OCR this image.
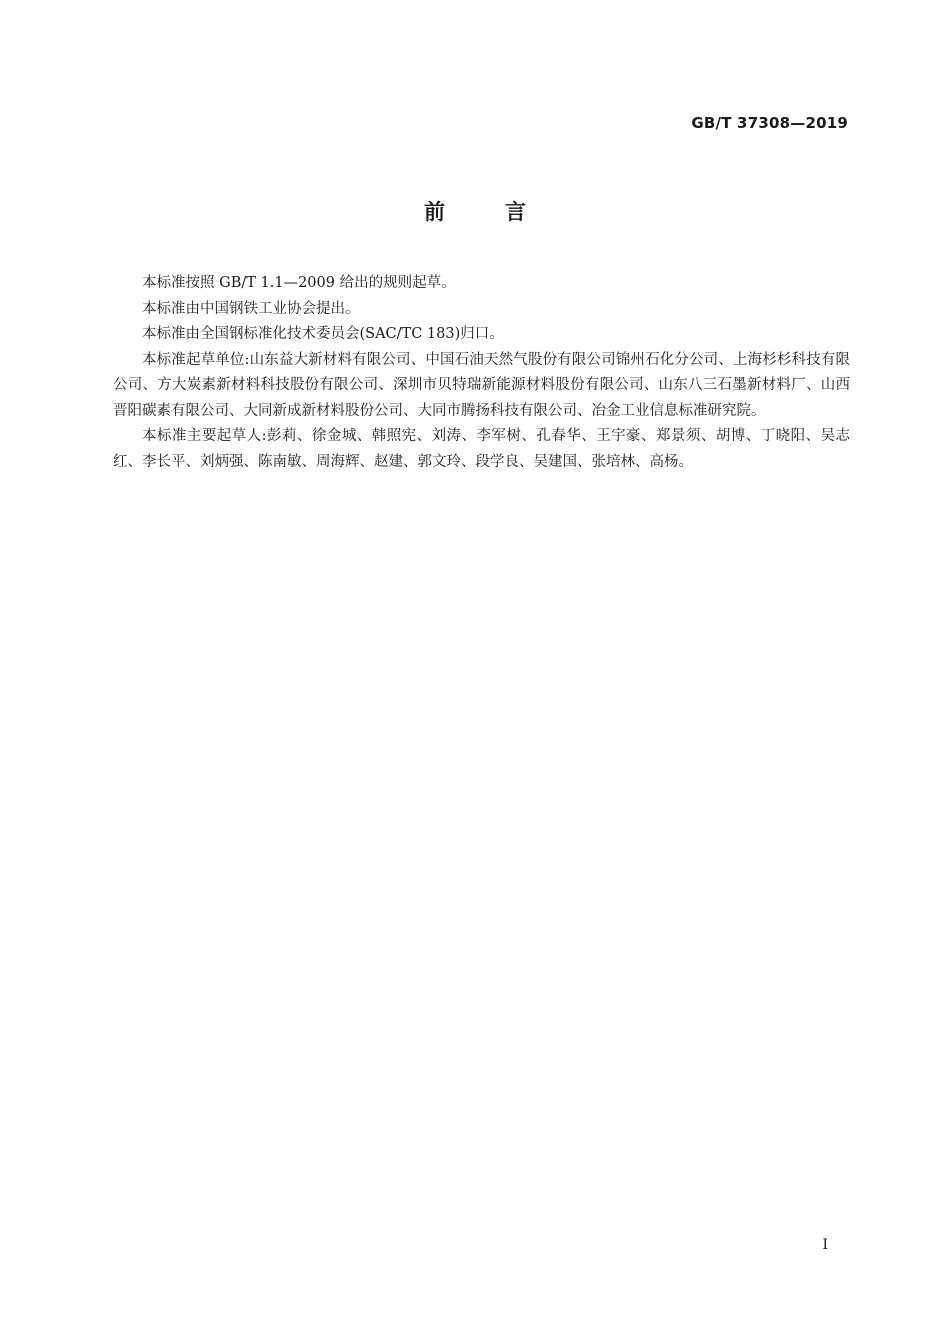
GB/T 37308—2019
前言

本标准按照 GB/T 1.1—2009 给出的规则起草。

本标准由中国钢铁工业协会提出。

本标准由全国钢标准化技术委员会(SAC/TC 183)归口。

本标准起草单位:山东益大新材料有限公司、中国石油天然气股份有限公司锦州石化分公司、上海杉杉科技有限公司、方大炭素新材料科技股份有限公司、深圳市贝特瑞新能源材料股份有限公司、山东八三石墨新材料厂、山西晋阳碳素有限公司、大同新成新材料股份公司、大同市腾扬科技有限公司、冶金工业信息标准研究院。

本标准主要起草人:彭莉、徐金城、韩照宪、刘涛、李军树、孔春华、王宇豪、郑景须、胡博、丁晓阳、吴志红、李长平、刘炳强、陈南敏、周海辉、赵建、郭文玲、段学良、吴建国、张培林、高杨。

I
